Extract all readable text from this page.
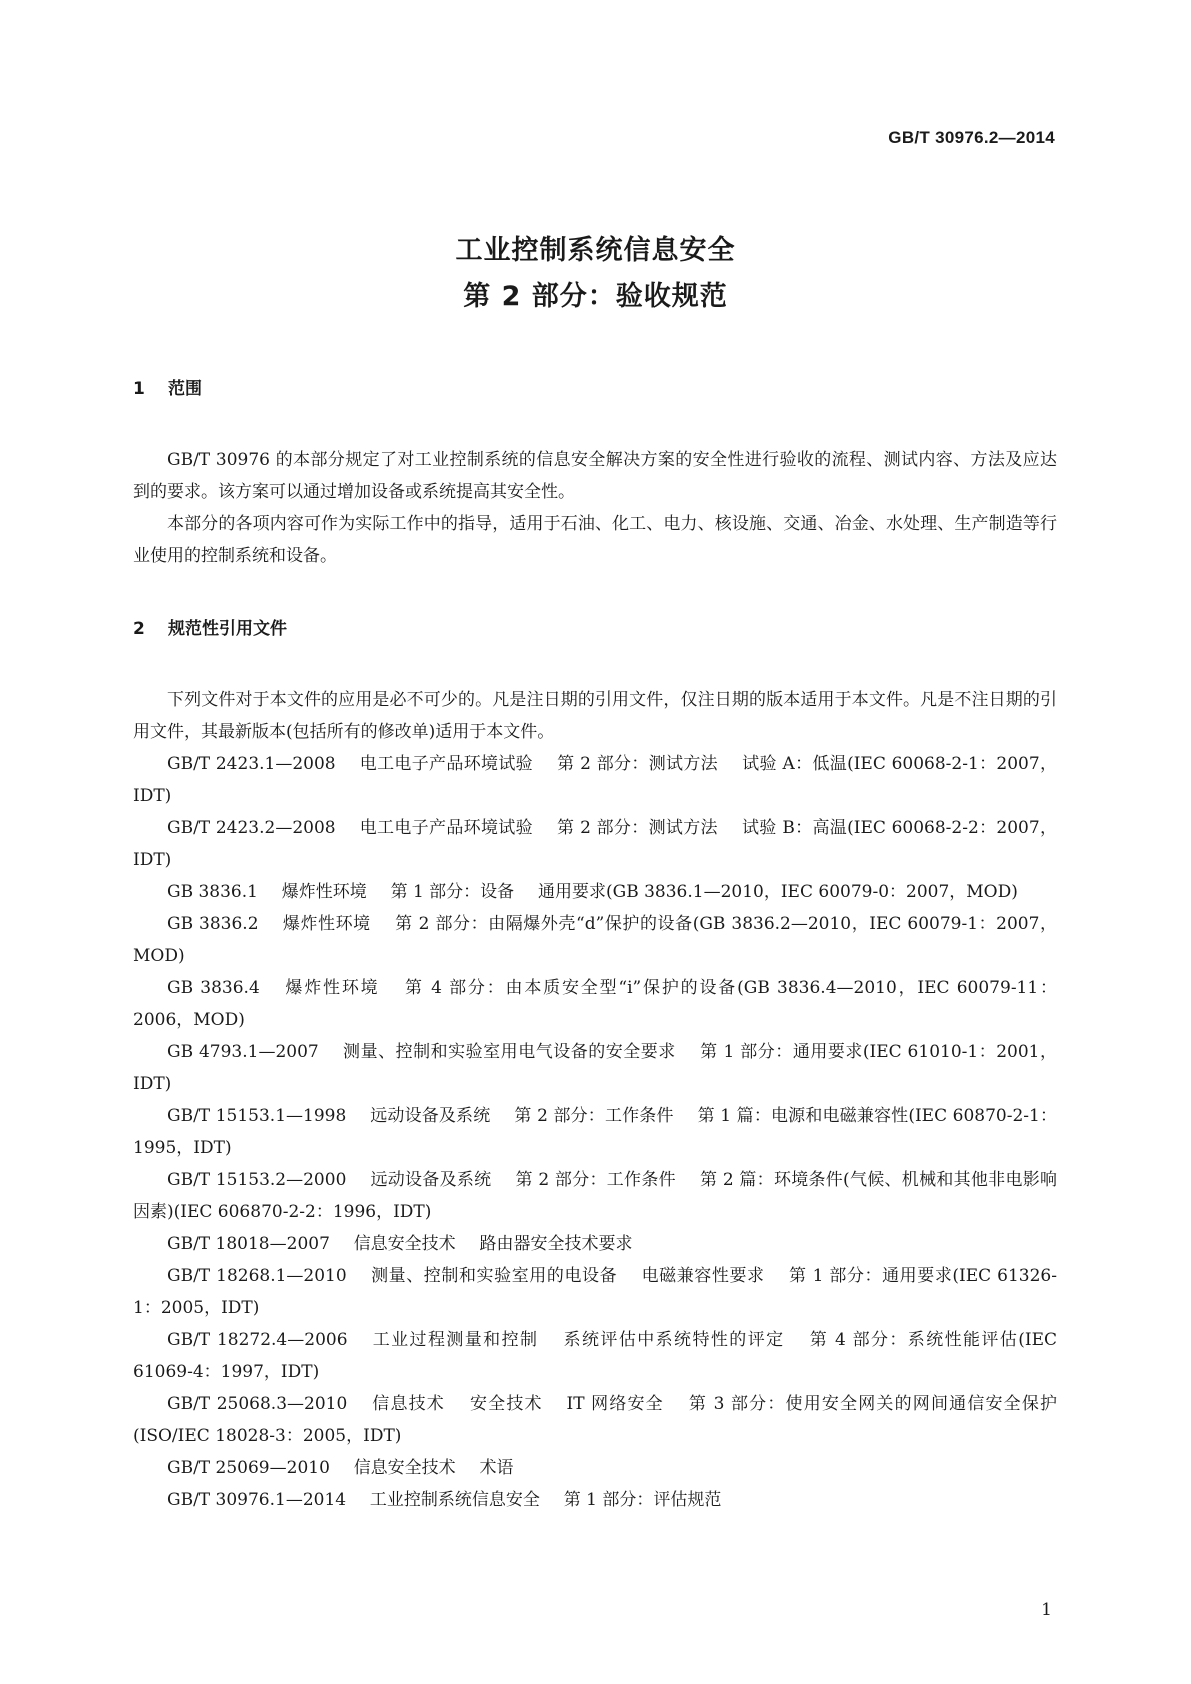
GB/T 30976.2—2014

工业控制系统信息安全

第 2 部分：验收规范

1	范围

GB/T 30976 的本部分规定了对工业控制系统的信息安全解决方案的安全性进行验收的流程、测试内容、方法及应达到的要求。该方案可以通过增加设备或系统提高其安全性。

本部分的各项内容可作为实际工作中的指导，适用于石油、化工、电力、核设施、交通、冶金、水处理、生产制造等行业使用的控制系统和设备。

2	规范性引用文件

下列文件对于本文件的应用是必不可少的。凡是注日期的引用文件，仅注日期的版本适用于本文件。凡是不注日期的引用文件，其最新版本(包括所有的修改单)适用于本文件。

GB/T 2423.1—2008 电工电子产品环境试验 第 2 部分：测试方法 试验 A：低温(IEC 60068-2-1：2007，IDT)

GB/T 2423.2—2008 电工电子产品环境试验 第 2 部分：测试方法 试验 B：高温(IEC 60068-2-2：2007，IDT)

GB 3836.1 爆炸性环境 第 1 部分：设备 通用要求(GB 3836.1—2010，IEC 60079-0：2007，MOD)

GB 3836.2 爆炸性环境 第 2 部分：由隔爆外壳“d”保护的设备(GB 3836.2—2010，IEC 60079-1：2007，MOD)

GB 3836.4 爆炸性环境 第 4 部分：由本质安全型“i”保护的设备(GB 3836.4—2010，IEC 60079-11：2006，MOD)

GB 4793.1—2007 测量、控制和实验室用电气设备的安全要求 第 1 部分：通用要求(IEC 61010-1：2001，IDT)

GB/T 15153.1—1998 远动设备及系统 第 2 部分：工作条件 第 1 篇：电源和电磁兼容性(IEC 60870-2-1：1995，IDT)

GB/T 15153.2—2000 远动设备及系统 第 2 部分：工作条件 第 2 篇：环境条件(气候、机械和其他非电影响因素)(IEC 606870-2-2：1996，IDT)

GB/T 18018—2007 信息安全技术 路由器安全技术要求

GB/T 18268.1—2010 测量、控制和实验室用的电设备 电磁兼容性要求 第 1 部分：通用要求(IEC 61326-1：2005，IDT)

GB/T 18272.4—2006 工业过程测量和控制 系统评估中系统特性的评定 第 4 部分：系统性能评估(IEC 61069-4：1997，IDT)

GB/T 25068.3—2010 信息技术 安全技术 IT 网络安全 第 3 部分：使用安全网关的网间通信安全保护(ISO/IEC 18028-3：2005，IDT)

GB/T 25069—2010 信息安全技术 术语

GB/T 30976.1—2014 工业控制系统信息安全 第 1 部分：评估规范

1
